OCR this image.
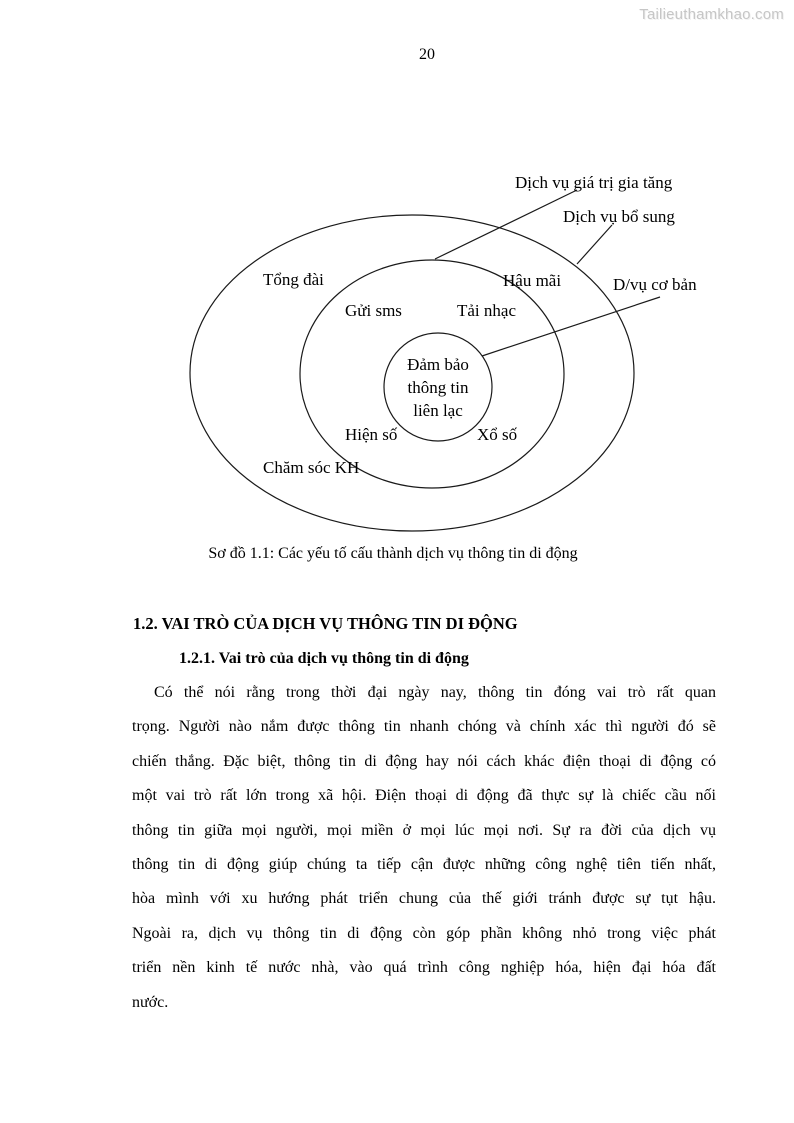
Tailieuthamkhao.com
20
Dịch vụ giá trị gia tăng
Dịch vụ bổ sung
D/vụ cơ bản
Tổng đài	Hậu mãi
Gửi sms	Tải nhạc
Hiện số	Xổ số
Chăm sóc KH
Đảm bảo
thông tin
liên lạc
Sơ đồ 1.1: Các yếu tố cấu thành dịch vụ thông tin di động
1.2. VAI TRÒ CỦA DỊCH VỤ THÔNG TIN DI ĐỘNG
1.2.1. Vai trò của dịch vụ thông tin di động
Có thể nói rằng trong thời đại ngày nay, thông tin đóng vai trò rất quan
trọng. Người nào nắm được thông tin nhanh chóng và chính xác thì người đó sẽ
chiến thắng. Đặc biệt, thông tin di động hay nói cách khác điện thoại di động có
một vai trò rất lớn trong xã hội. Điện thoại di động đã thực sự là chiếc cầu nối
thông tin giữa mọi người, mọi miền ở mọi lúc mọi nơi. Sự ra đời của dịch vụ
thông tin di động giúp chúng ta tiếp cận được những công nghệ tiên tiến nhất,
hòa mình với xu hướng phát triển chung của thế giới tránh được sự tụt hậu.
Ngoài ra, dịch vụ thông tin di động còn góp phần không nhỏ trong việc phát
triển nền kinh tế nước nhà, vào quá trình công nghiệp hóa, hiện đại hóa đất
nước.
